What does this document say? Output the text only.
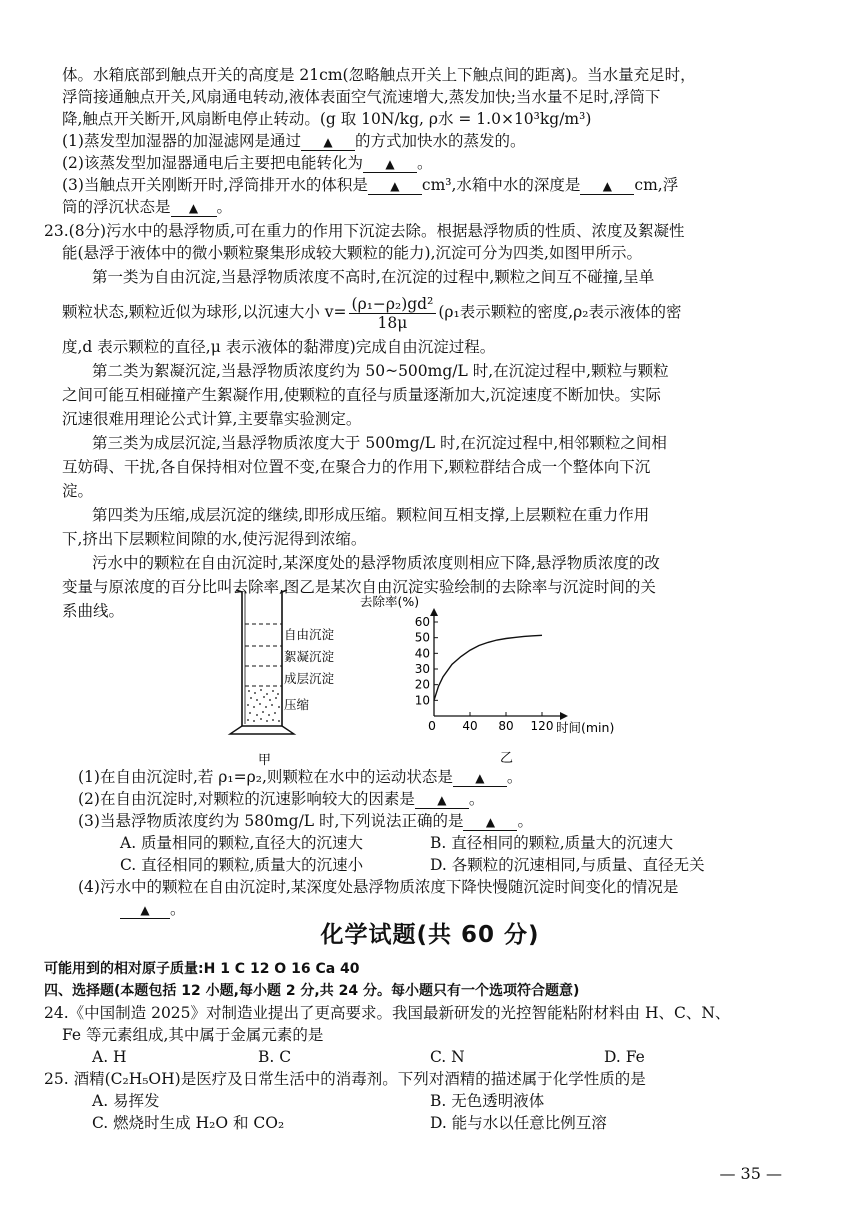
体。水箱底部到触点开关的高度是 21cm(忽略触点开关上下触点间的距离)。当水量充足时，
浮筒接通触点开关,风扇通电转动,液体表面空气流速增大,蒸发加快;当水量不足时,浮筒下
降,触点开关断开,风扇断电停止转动。(g 取 10N/kg, ρ水 = 1.0×10³kg/m³)
(1)蒸发型加湿器的加湿滤网是通过 ▲ 的方式加快水的蒸发的。
(2)该蒸发型加湿器通电后主要把电能转化为 ▲ 。
(3)当触点开关刚断开时,浮筒排开水的体积是 ▲ cm³,水箱中水的深度是 ▲ cm,浮
筒的浮沉状态是 ▲ 。
23.(8分)污水中的悬浮物质,可在重力的作用下沉淀去除。根据悬浮物质的性质、浓度及絮凝性
能(悬浮于液体中的微小颗粒聚集形成较大颗粒的能力),沉淀可分为四类,如图甲所示。
第一类为自由沉淀,当悬浮物质浓度不高时,在沉淀的过程中,颗粒之间互不碰撞,呈单
颗粒状态,颗粒近似为球形,以沉速大小 $v= \frac{\text{(ρ₁−ρ₂)gd²}}{18\mu} (\rho_1$表示颗粒的密度,ρ₂表示液体的密
度,d 表示颗粒的直径,μ 表示液体的黏滞度)完成自由沉淀过程。
第二类为絮凝沉淀,当悬浮物质浓度约为 50~500mg/L 时,在沉淀过程中,颗粒与颗粒
之间可能互相碰撞产生絮凝作用,使颗粒的直径与质量逐渐加大,沉淀速度不断加快。实际
沉速很难用理论公式计算,主要靠实验测定。
第三类为成层沉淀,当悬浮物质浓度大于 500mg/L 时,在沉淀过程中,相邻颗粒之间相
互妨碍、干扰,各自保持相对位置不变,在聚合力的作用下,颗粒群结合成一个整体向下沉
淀。
第四类为压缩,成层沉淀的继续,即形成压缩。颗粒间互相支撑,上层颗粒在重力作用
下,挤出下层颗粒间隙的水,使污泥得到浓缩。
污水中的颗粒在自由沉淀时,某深度处的悬浮物质浓度则相应下降,悬浮物质浓度的改
变量与原浓度的百分比叫去除率,图乙是某次自由沉淀实验绘制的去除率与沉淀时间的关
系曲线。
自由沉淀
絮凝沉淀
成层沉淀
压缩
甲
去除率(%)
10
20
30
40
50
60
40 80 120
0	时间(min)
乙
(1)在自由沉淀时,若 ρ₁=ρ₂,则颗粒在水中的运动状态是 ▲ 。
(2)在自由沉淀时,对颗粒的沉速影响较大的因素是 ▲ 。
(3)当悬浮物质浓度约为 580mg/L 时,下列说法正确的是 ▲ 。
A. 质量相同的颗粒,直径大的沉速大	B. 直径相同的颗粒,质量大的沉速大
C. 直径相同的颗粒,质量大的沉速小	D. 各颗粒的沉速相同,与质量、直径无关
(4)污水中的颗粒在自由沉淀时,某深度处悬浮物质浓度下降快慢随沉淀时间变化的情况是
▲ 。
化学试题(共 60 分)
可能用到的相对原子质量:H 1 C 12 O 16 Ca 40
四、选择题(本题包括 12 小题,每小题 2 分,共 24 分。每小题只有一个选项符合题意)
24.《中国制造 2025》对制造业提出了更高要求。我国最新研发的光控智能粘附材料由 H、C、N、
Fe 等元素组成,其中属于金属元素的是
A. H	B. C	C. N	D. Fe
25. 酒精(C₂H₅OH)是医疗及日常生活中的消毒剂。下列对酒精的描述属于化学性质的是
A. 易挥发	B. 无色透明液体
C. 燃烧时生成 H₂O 和 CO₂	D. 能与水以任意比例互溶
— 35 —
